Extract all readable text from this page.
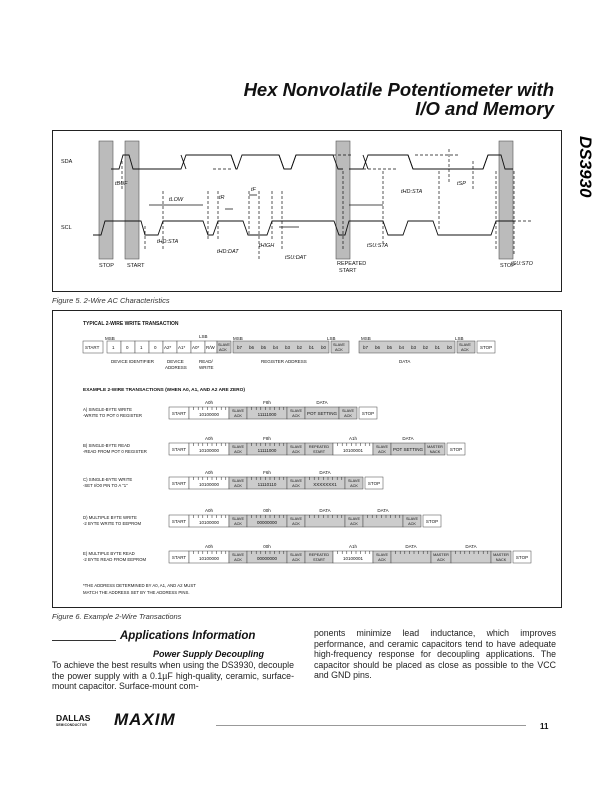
Hex Nonvolatile Potentiometer with
I/O and Memory
DS3930
SDA
SCL
STOP START	REPEATED
START
STOP
tBUF
tLOW	tR
tF
tHD:STA
tHIGH
tHD:DAT
tSU:DAT
tSU:STA
tHD:STA
tSP
tSU:STO
Figure 5. 2-Wire AC Characteristics
TYPICAL 2-WIRE WRITE TRANSACTION
MSB	LSB	MSB	LSB	MSB	LSB
START	1	0	1	0 A2* A1* A0* R/W SLAVE
ACK b7 b6 b5 b4 b3 b2 b1 b0 SLAVE
ACK	b7 b6 b5 b4 b3 b2 b1 b0 SLAVE
ACK STOP
DEVICE IDENTIFIER	DEVICE
ADDRESS
READ/
WRITE
REGISTER ADDRESS	DATA
EXAMPLE 2-WIRE TRANSACTIONS (WHEN A0, A1, AND A2 ARE ZERO)
A) SINGLE-BYTE WRITE
-WRITE TO POT 0 REGISTER	START	10100000
A0h
SLAVE
ACK	11111000
F8h
SLAVE
ACK POT SETTING
DATA
SLAVE
ACK STOP
B) SINGLE-BYTE READ
-READ FROM POT 0 REGISTER	START	10100000
A0h
SLAVE
ACK	11111000
F8h
SLAVE
ACK
REPEATED
START	10100001
A1h
SLAVE
ACK POT SETTING
DATA
MASTER
NACK STOP
C) SINGLE-BYTE WRITE
-SET I/O0 PIN TO A "1"	START	10100000
A0h
SLAVE
ACK	11110110
F6h
SLAVE
ACK	XXXXXXX1
DATA
SLAVE
ACK STOP
D) MULTIPLE BYTE WRITE
-2 BYTE WRITE TO EEPROM	START	10100000
A0h
SLAVE
ACK	00000000
00h
SLAVE
ACK
DATA
SLAVE
ACK
DATA
SLAVE
ACK STOP
E) MULTIPLE BYTE READ
-2 BYTE READ FROM EEPROM	START	10100000
A0h
SLAVE
ACK	00000000
00h
SLAVE
ACK
REPEATED
START	10100001
A1h
SLAVE
ACK
DATA
MASTER
ACK
DATA
MASTER
NACK STOP
*THE ADDRESS DETERMINED BY A0, A1, AND A2 MUST
MATCH THE ADDRESS SET BY THE ADDRESS PINS.
Figure 6. Example 2-Wire Transactions
Applications Information
Power Supply Decoupling
To achieve the best results when using the DS3930, decouple the power supply with a 0.1µF high-quality, ceramic, surface-mount capacitor. Surface-mount com-
ponents minimize lead inductance, which improves performance, and ceramic capacitors tend to have adequate high-frequency response for decoupling applications. The capacitor should be placed as close as possible to the VCC and GND pins.
DALLAS
SEMICONDUCTOR MAXIM	11
